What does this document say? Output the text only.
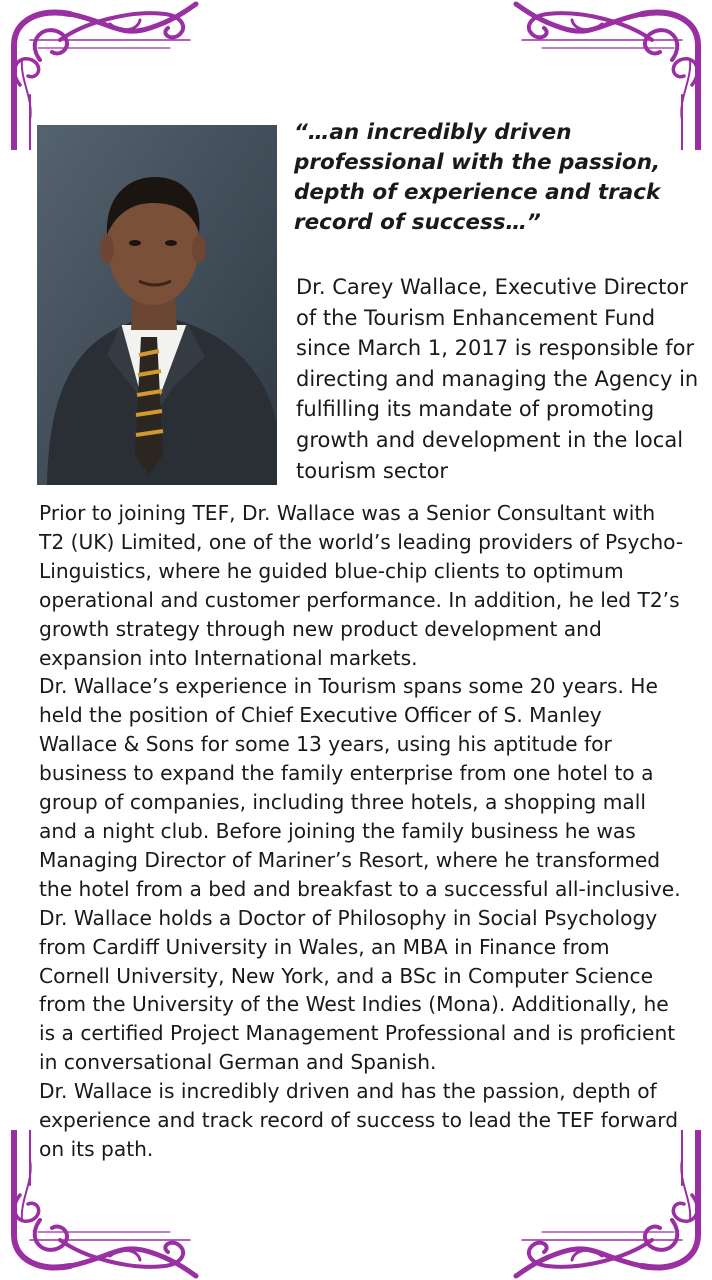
“…an incredibly driven professional with the passion, depth of experience and track record of success…”

Dr. Carey Wallace, Executive Director of the Tourism Enhancement Fund since March 1, 2017 is responsible for directing and managing the Agency in fulfilling its mandate of promoting growth and development in the local tourism sector

Prior to joining TEF, Dr. Wallace was a Senior Consultant with T2 (UK) Limited, one of the world’s leading providers of Psycho-Linguistics, where he guided blue-chip clients to optimum operational and customer performance. In addition, he led T2’s growth strategy through new product development and expansion into International markets.

Dr. Wallace’s experience in Tourism spans some 20 years. He held the position of Chief Executive Officer of S. Manley Wallace & Sons for some 13 years, using his aptitude for business to expand the family enterprise from one hotel to a group of companies, including three hotels, a shopping mall and a night club. Before joining the family business he was Managing Director of Mariner’s Resort, where he transformed the hotel from a bed and breakfast to a successful all-inclusive.

Dr. Wallace holds a Doctor of Philosophy in Social Psychology from Cardiff University in Wales, an MBA in Finance from Cornell University, New York, and a BSc in Computer Science from the University of the West Indies (Mona). Additionally, he is a certified Project Management Professional and is proficient in conversational German and Spanish.

Dr. Wallace is incredibly driven and has the passion, depth of experience and track record of success to lead the TEF forward on its path.
